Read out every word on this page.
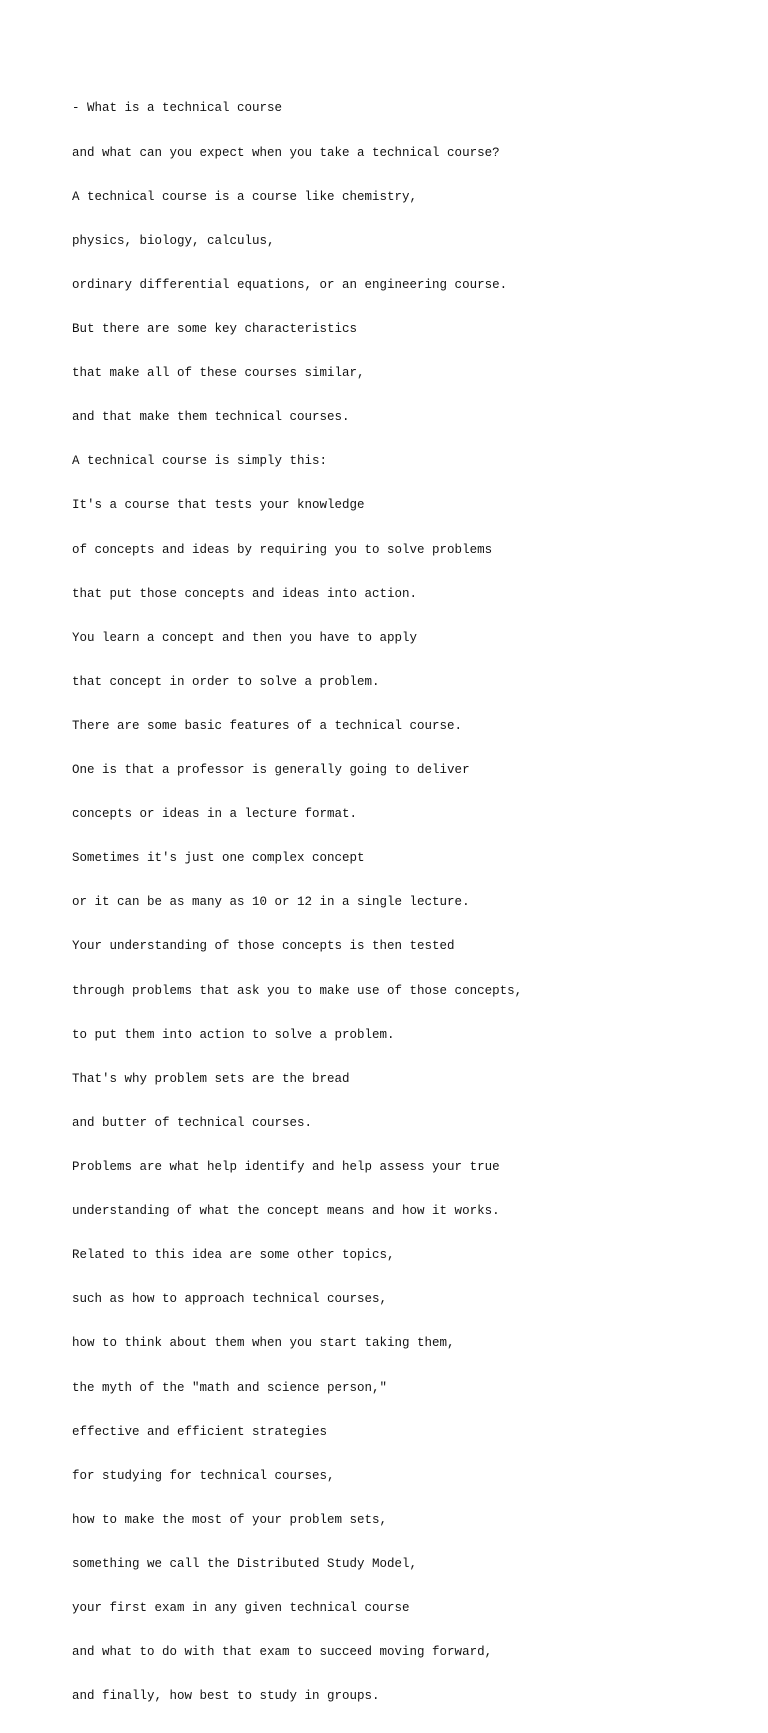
- What is a technical course

and what can you expect when you take a technical course?

A technical course is a course like chemistry,

physics, biology, calculus,

ordinary differential equations, or an engineering course.

But there are some key characteristics

that make all of these courses similar,

and that make them technical courses.

A technical course is simply this:

It's a course that tests your knowledge

of concepts and ideas by requiring you to solve problems

that put those concepts and ideas into action.

You learn a concept and then you have to apply

that concept in order to solve a problem.

There are some basic features of a technical course.

One is that a professor is generally going to deliver

concepts or ideas in a lecture format.

Sometimes it's just one complex concept

or it can be as many as 10 or 12 in a single lecture.

Your understanding of those concepts is then tested

through problems that ask you to make use of those concepts,

to put them into action to solve a problem.

That's why problem sets are the bread

and butter of technical courses.

Problems are what help identify and help assess your true

understanding of what the concept means and how it works.

Related to this idea are some other topics,

such as how to approach technical courses,

how to think about them when you start taking them,

the myth of the "math and science person,"

effective and efficient strategies

for studying for technical courses,

how to make the most of your problem sets,

something we call the Distributed Study Model,

your first exam in any given technical course

and what to do with that exam to succeed moving forward,

and finally, how best to study in groups.
